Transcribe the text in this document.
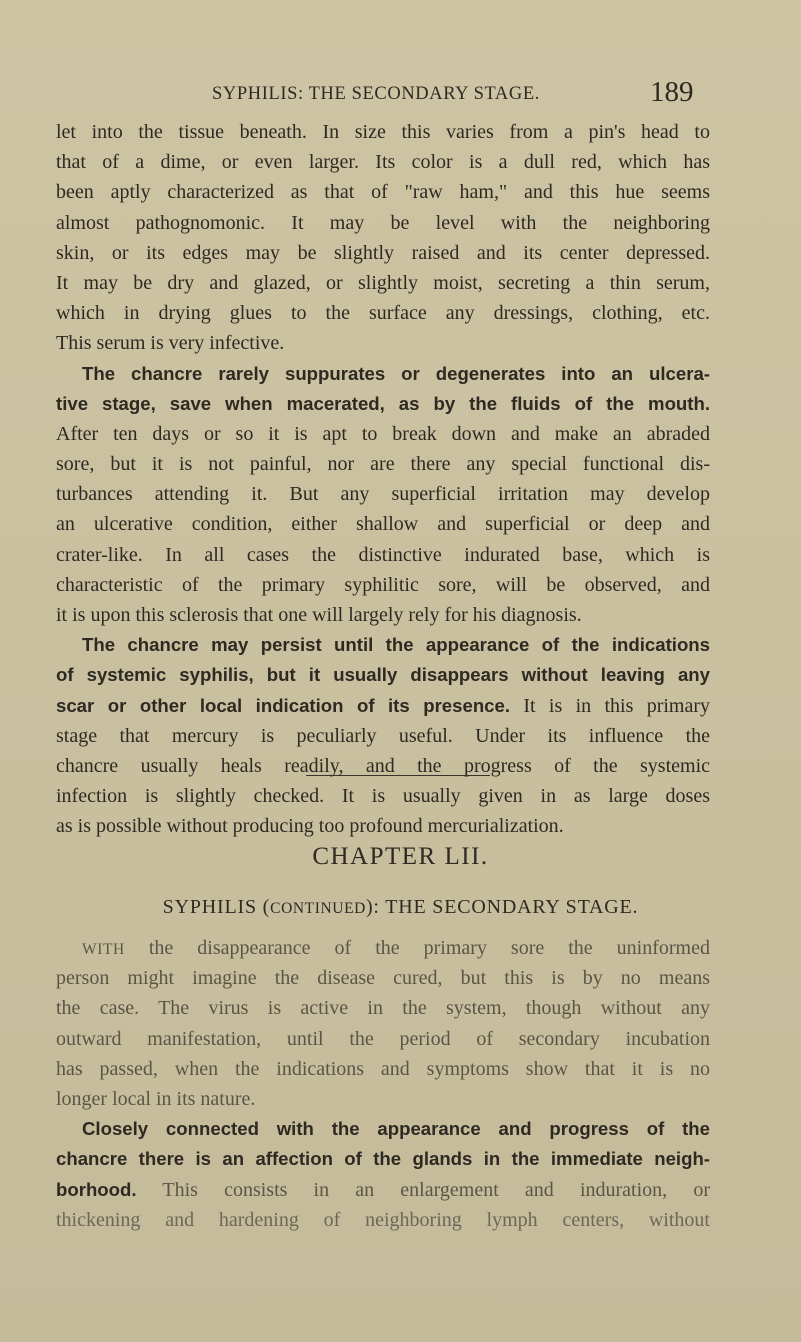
SYPHILIS: THE SECONDARY STAGE.	189
let into the tissue beneath. In size this varies from a pin's head to
that of a dime, or even larger. Its color is a dull red, which has
been aptly characterized as that of "raw ham," and this hue seems
almost pathognomonic. It may be level with the neighboring
skin, or its edges may be slightly raised and its center depressed.
It may be dry and glazed, or slightly moist, secreting a thin serum,
which in drying glues to the surface any dressings, clothing, etc.
This serum is very infective.
The chancre rarely suppurates or degenerates into an ulcera-
tive stage, save when macerated, as by the fluids of the mouth.
After ten days or so it is apt to break down and make an abraded
sore, but it is not painful, nor are there any special functional dis-
turbances attending it. But any superficial irritation may develop
an ulcerative condition, either shallow and superficial or deep and
crater-like. In all cases the distinctive indurated base, which is
characteristic of the primary syphilitic sore, will be observed, and
it is upon this sclerosis that one will largely rely for his diagnosis.
The chancre may persist until the appearance of the indications
of systemic syphilis, but it usually disappears without leaving any
scar or other local indication of its presence. It is in this primary
stage that mercury is peculiarly useful. Under its influence the
chancre usually heals readily, and the progress of the systemic
infection is slightly checked. It is usually given in as large doses
as is possible without producing too profound mercurialization.
CHAPTER LII.
SYPHILIS (CONTINUED): THE SECONDARY STAGE.
WITH the disappearance of the primary sore the uninformed
person might imagine the disease cured, but this is by no means
the case. The virus is active in the system, though without any
outward manifestation, until the period of secondary incubation
has passed, when the indications and symptoms show that it is no
longer local in its nature.
Closely connected with the appearance and progress of the
chancre there is an affection of the glands in the immediate neigh-
borhood. This consists in an enlargement and induration, or
thickening and hardening of neighboring lymph centers, without
